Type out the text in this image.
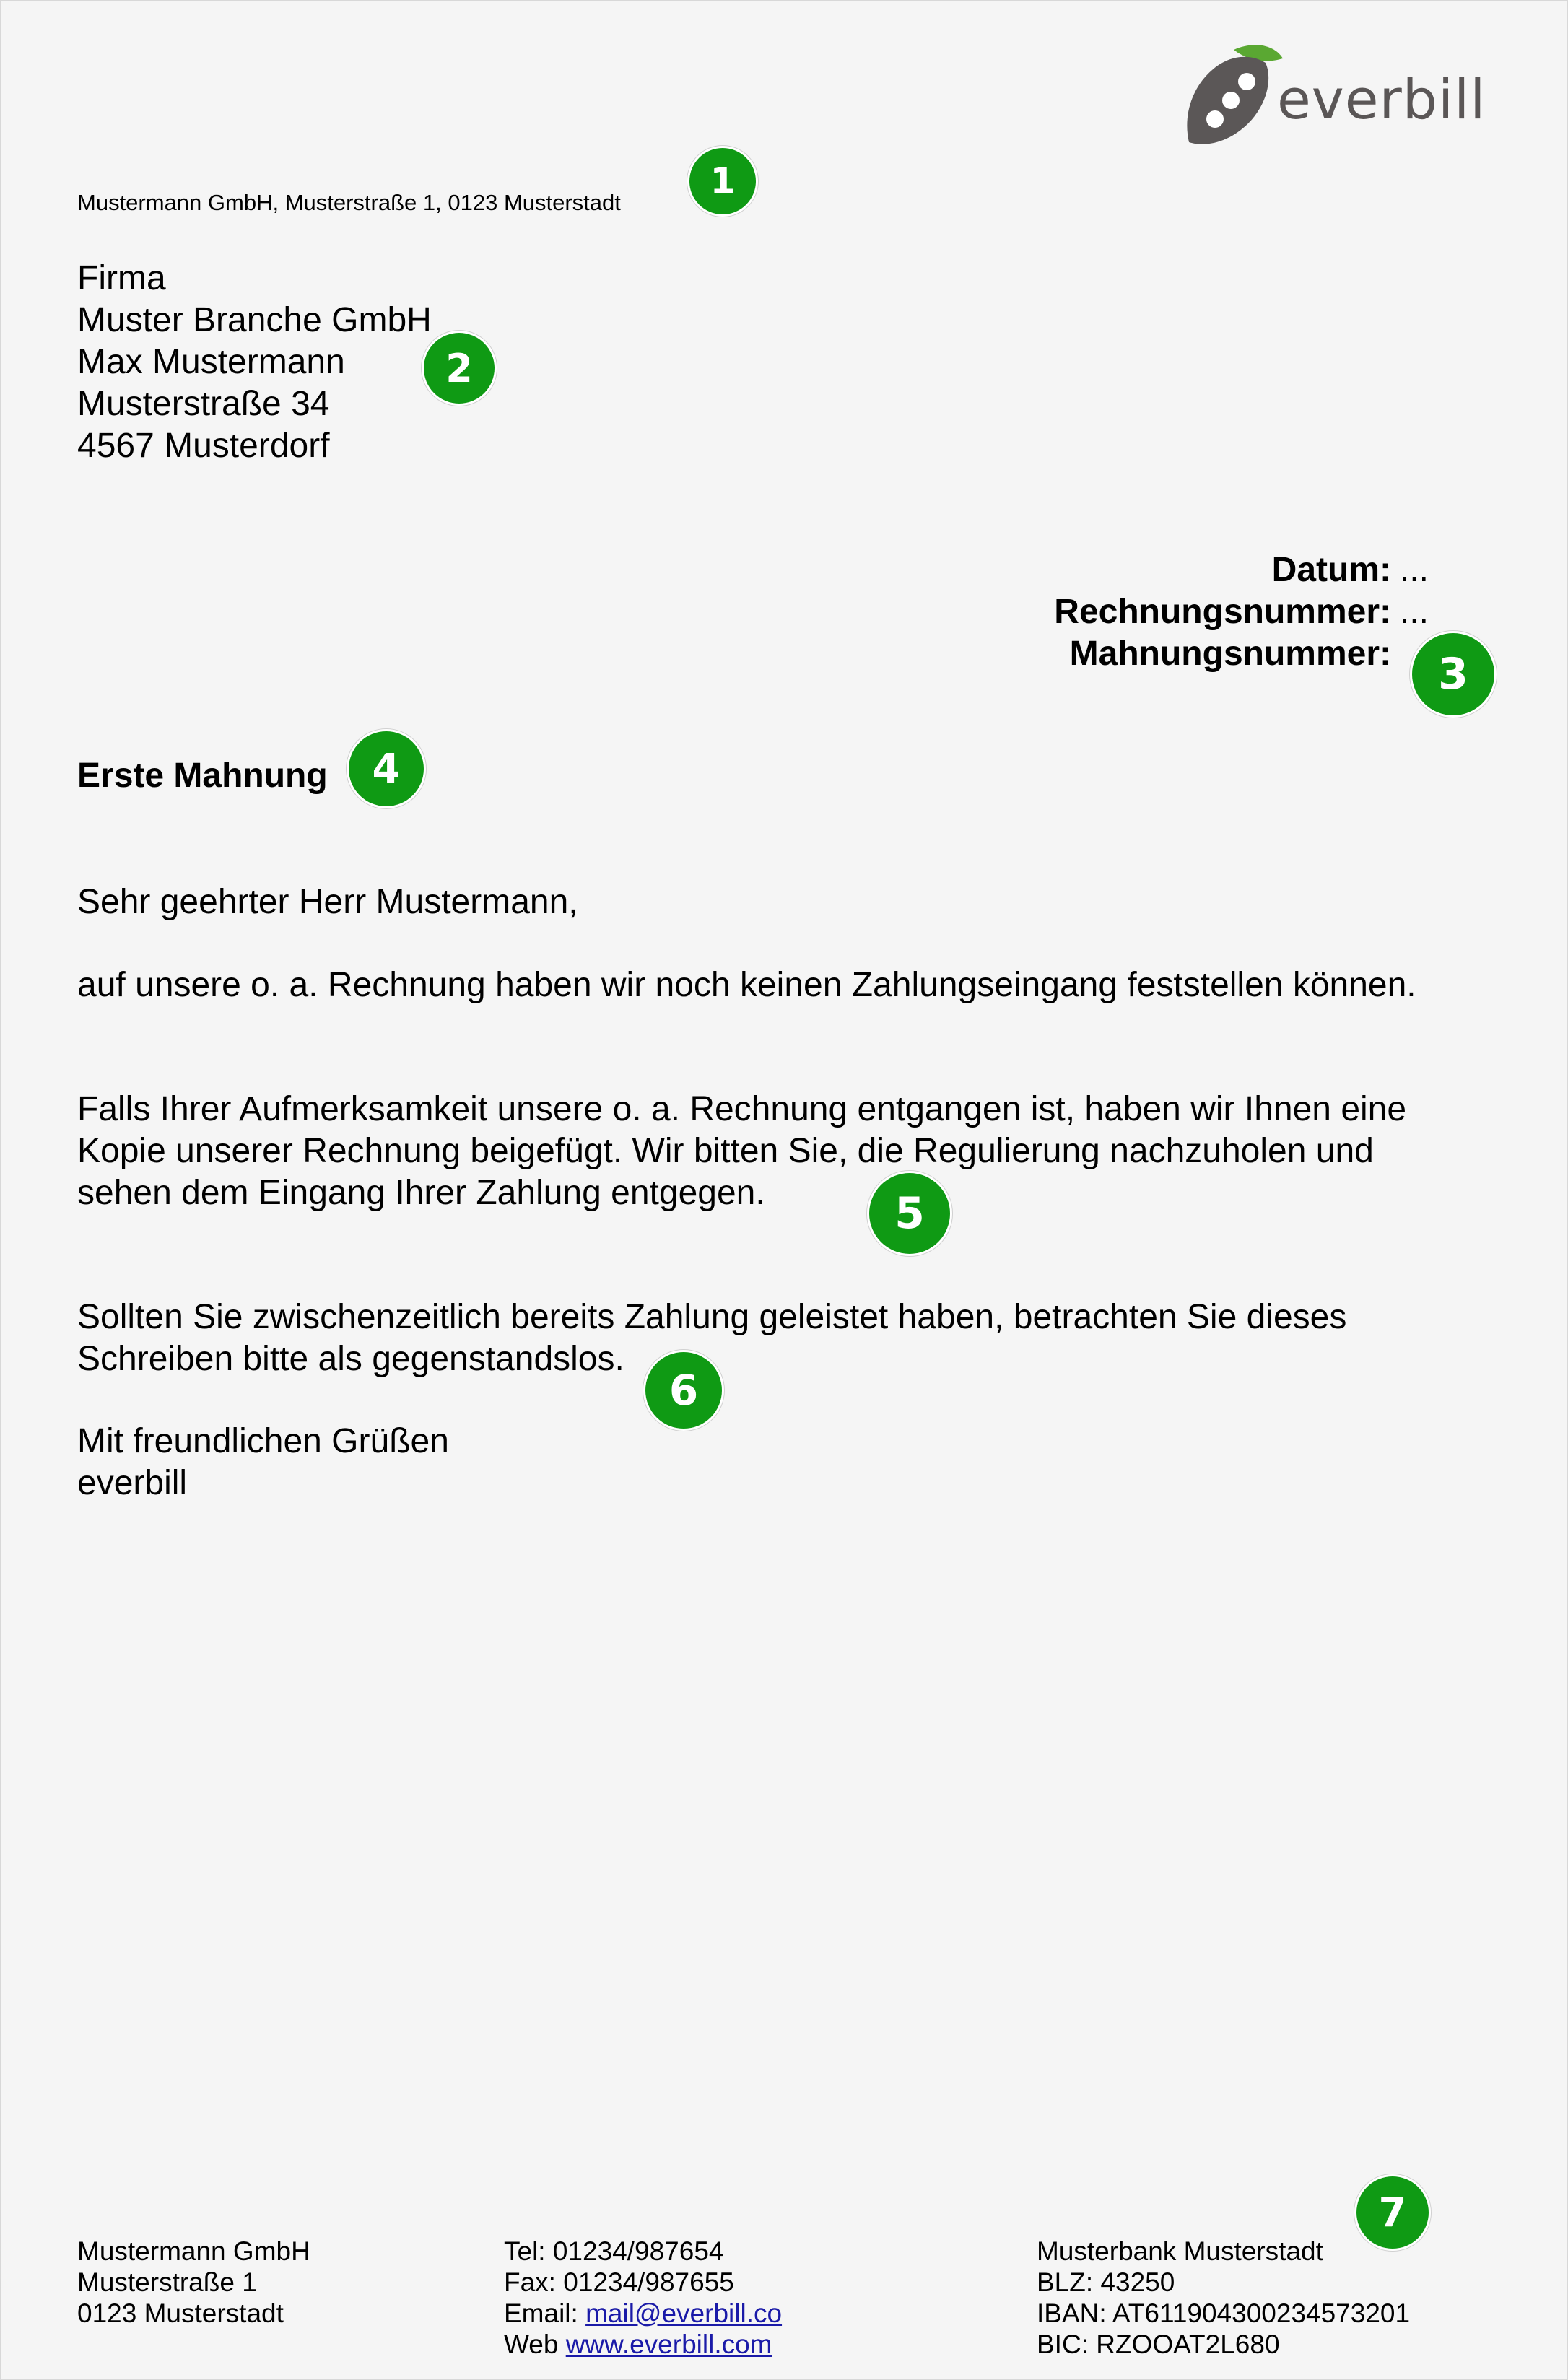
everbill
Mustermann GmbH, Musterstraße 1, 0123 Musterstadt
Firma
Muster Branche GmbH
Max Mustermann
Musterstraße 34
4567 Musterdorf
Datum: ...
Rechnungsnummer: ...
Mahnungsnummer:
Erste Mahnung
Sehr geehrter Herr Mustermann,
auf unsere o. a. Rechnung haben wir noch keinen Zahlungseingang feststellen können.
Falls Ihrer Aufmerksamkeit unsere o. a. Rechnung entgangen ist, haben wir Ihnen eine Kopie unserer Rechnung beigefügt. Wir bitten Sie, die Regulierung nachzuholen und sehen dem Eingang Ihrer Zahlung entgegen.
Sollten Sie zwischenzeitlich bereits Zahlung geleistet haben, betrachten Sie dieses Schreiben bitte als gegenstandslos.
Mit freundlichen Grüßen
everbill
Mustermann GmbH
Musterstraße 1
0123 Musterstadt
Tel: 01234/987654
Fax: 01234/987655
Email: mail@everbill.co
Web www.everbill.com
Musterbank Musterstadt
BLZ: 43250
IBAN: AT611904300234573201
BIC: RZOOAT2L680
1
2
3
4
5
6
7
